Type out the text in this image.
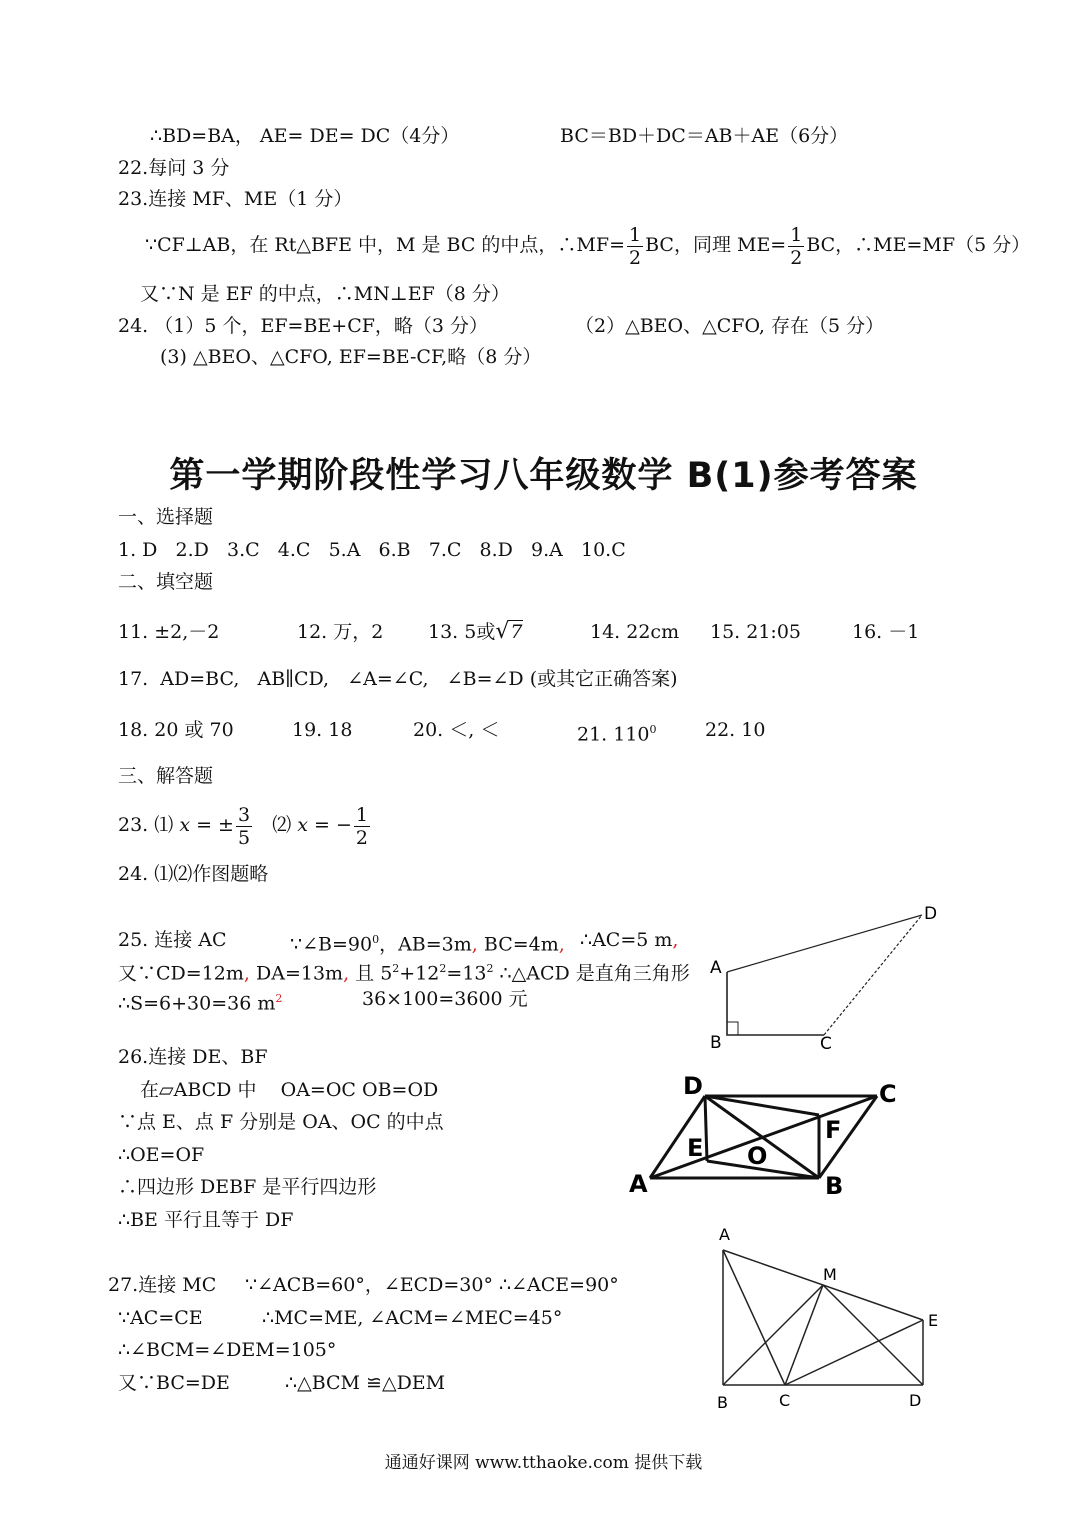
∴BD=BA， AE= DE= DC（4分）	BC＝BD＋DC＝AB＋AE（6分）
22.每问 3 分
23.连接 MF、ME（1 分）
∵CF⊥AB，在 Rt△BFE 中，M 是 BC 的中点，∴MF= $\frac{1}{2}$ BC，同理 $ME= \frac{1}{2}$ BC，∴ME=MF（5 分）
又∵N 是 EF 的中点，∴MN⊥EF（8 分）
24. （1）5 个，EF=BE+CF，略（3 分）	（2）△BEO、△CFO, 存在（5 分）
(3) △BEO、△CFO, EF=BE-CF,略（8 分）
第一学期阶段性学习八年级数学 B(1)参考答案
一、选择题
1. D   2.D   3.C   4.C   5.A   6.B   7.C   8.D   9.A   10.C
二、填空题
11. ±2,－2	12. 万，2 13. 5或√7	14. 22cm 15. 21:05	16. －1
17.  AD=BC,   AB∥CD,   ∠A=∠C,   ∠B=∠D (或其它正确答案)
18. 20 或 70	19. 18	20. ＜, ＜	21. $110^0$	22. 10
三、解答题
23. ⑴ x = ± $\frac{3}{5}$ ⑵ x = − $\frac{1}{2}$
24. ⑴⑵作图题略
25. 连接 AC	$\because\angle B=90^0$，AB=3m, BC=4m, ∴AC=5 m,
又∵CD=12m, DA=13m, 且 $5^2+12^2=13^2$ ∴△ACD 是直角三角形
∴S=6+30=36 $m^2$	36×100=3600 元
A
B	C
D
26.连接 DE、BF
在▱ABCD 中    OA=OC OB=OD
∵点 E、点 F 分别是 OA、OC 的中点
∴OE=OF
∴四边形 DEBF 是平行四边形
∴BE 平行且等于 DF
D	C
F
E O
A	B
27.连接 MC ∵∠ACB=60°，∠ECD=30° ∴∠ACE=90°
∵AC=CE	∴MC=ME, ∠ACM=∠MEC=45°
∴∠BCM=∠DEM=105°
又∵BC=DE	∴△BCM ≌△DEM
A
M
E
B	C	D
通通好课网 www.tthaoke.com 提供下载
